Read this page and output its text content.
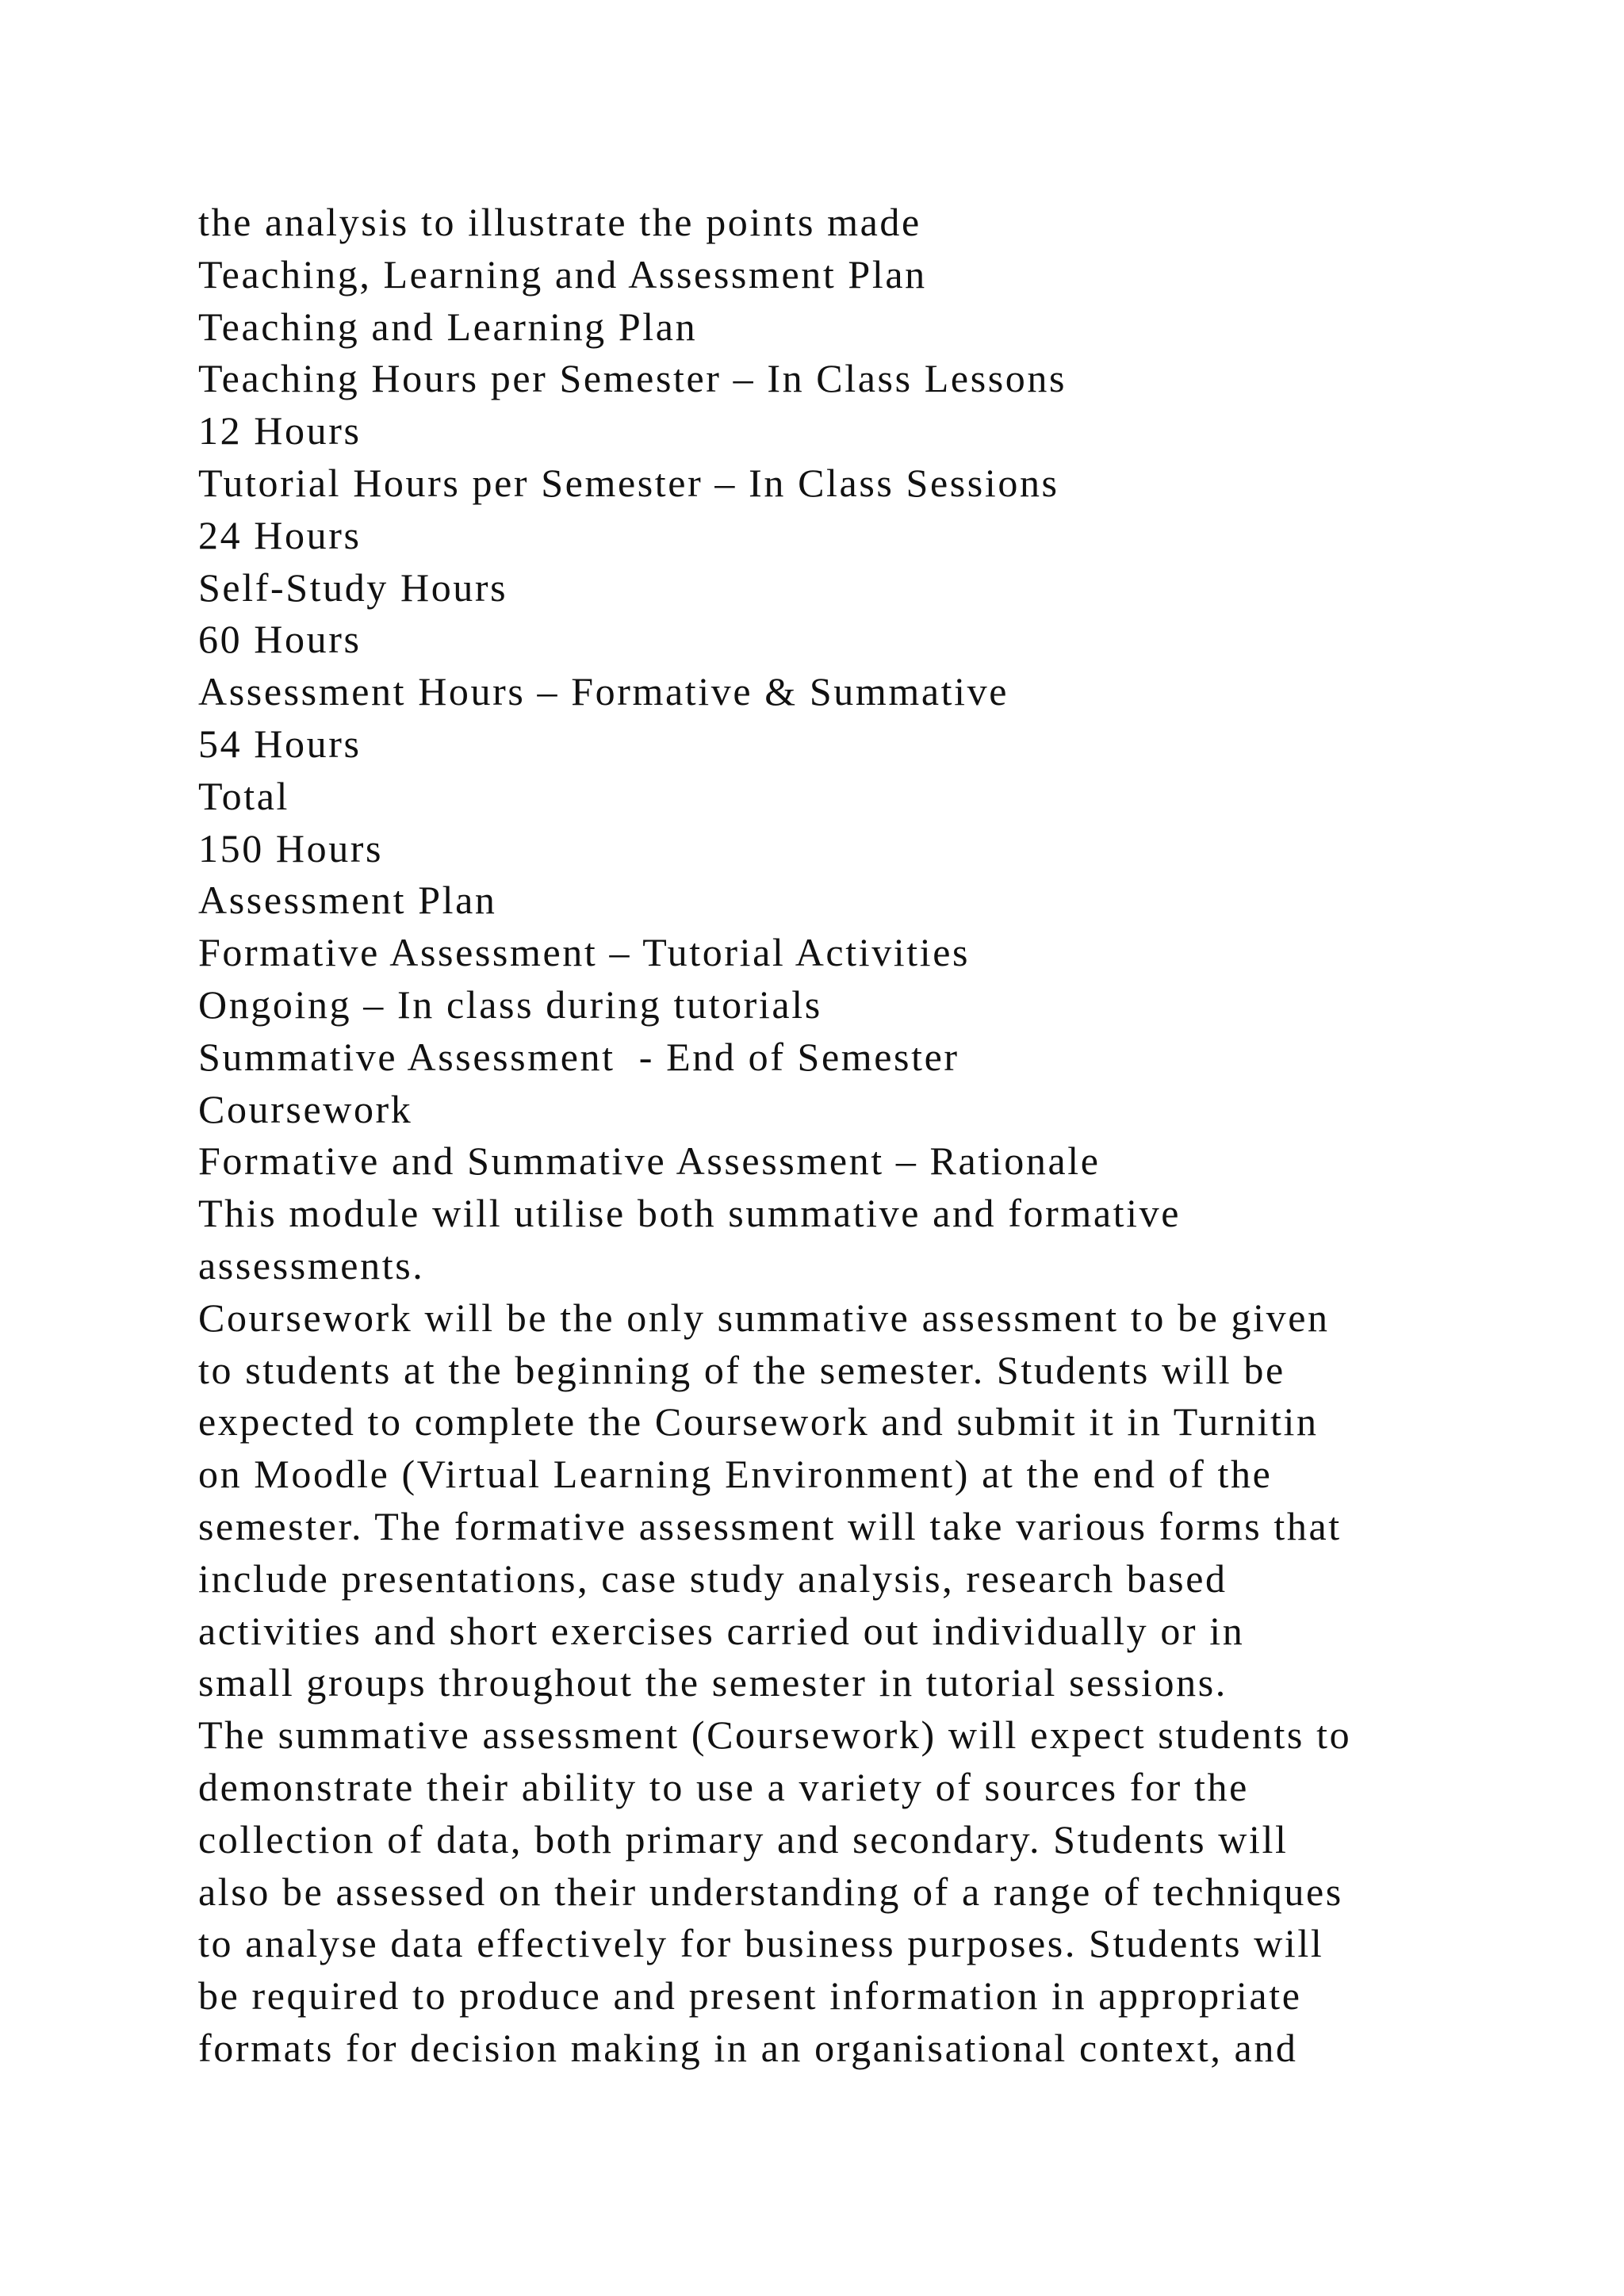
the analysis to illustrate the points made
Teaching, Learning and Assessment Plan
Teaching and Learning Plan
Teaching Hours per Semester – In Class Lessons
12 Hours
Tutorial Hours per Semester – In Class Sessions
24 Hours
Self-Study Hours
60 Hours
Assessment Hours – Formative & Summative
54 Hours
Total
150 Hours
Assessment Plan
Formative Assessment – Tutorial Activities
Ongoing – In class during tutorials
Summative Assessment  - End of Semester
Coursework
Formative and Summative Assessment – Rationale
This module will utilise both summative and formative
assessments.
Coursework will be the only summative assessment to be given
to students at the beginning of the semester. Students will be
expected to complete the Coursework and submit it in Turnitin
on Moodle (Virtual Learning Environment) at the end of the
semester. The formative assessment will take various forms that
include presentations, case study analysis, research based
activities and short exercises carried out individually or in
small groups throughout the semester in tutorial sessions.
The summative assessment (Coursework) will expect students to
demonstrate their ability to use a variety of sources for the
collection of data, both primary and secondary. Students will
also be assessed on their understanding of a range of techniques
to analyse data effectively for business purposes. Students will
be required to produce and present information in appropriate
formats for decision making in an organisational context, and
